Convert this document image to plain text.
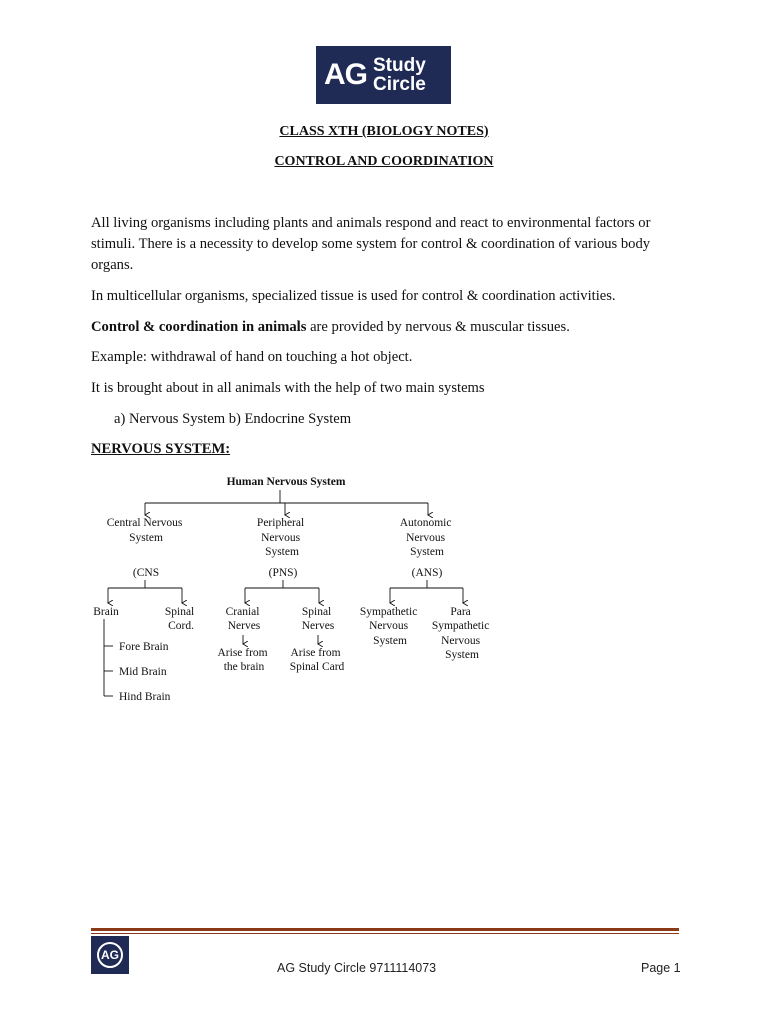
AG Study
Circle
CLASS XTH (BIOLOGY NOTES)
CONTROL AND COORDINATION

All living organisms including plants and animals respond and react to environmental factors or stimuli. There is a necessity to develop some system for control & coordination of various body organs.

In multicellular organisms, specialized tissue is used for control & coordination activities.

Control & coordination in animals are provided by nervous & muscular tissues.

Example: withdrawal of hand on touching a hot object.

It is brought about in all animals with the help of two main systems

a) Nervous System b) Endocrine System

NERVOUS SYSTEM:
Human Nervous System
Central Nervous System
Peripheral Nervous System
Autonomic Nervous System
(CNS	(PNS)	(ANS)
Brain	Spinal Cord.
Cranial Nerves
Spinal Nerves
Sympathetic Nervous System
Para Sympathetic Nervous System
Arise from the brain
Arise from Spinal Card
Fore Brain
Mid Brain
Hind Brain
AG
AG Study Circle 9711114073	Page 1
